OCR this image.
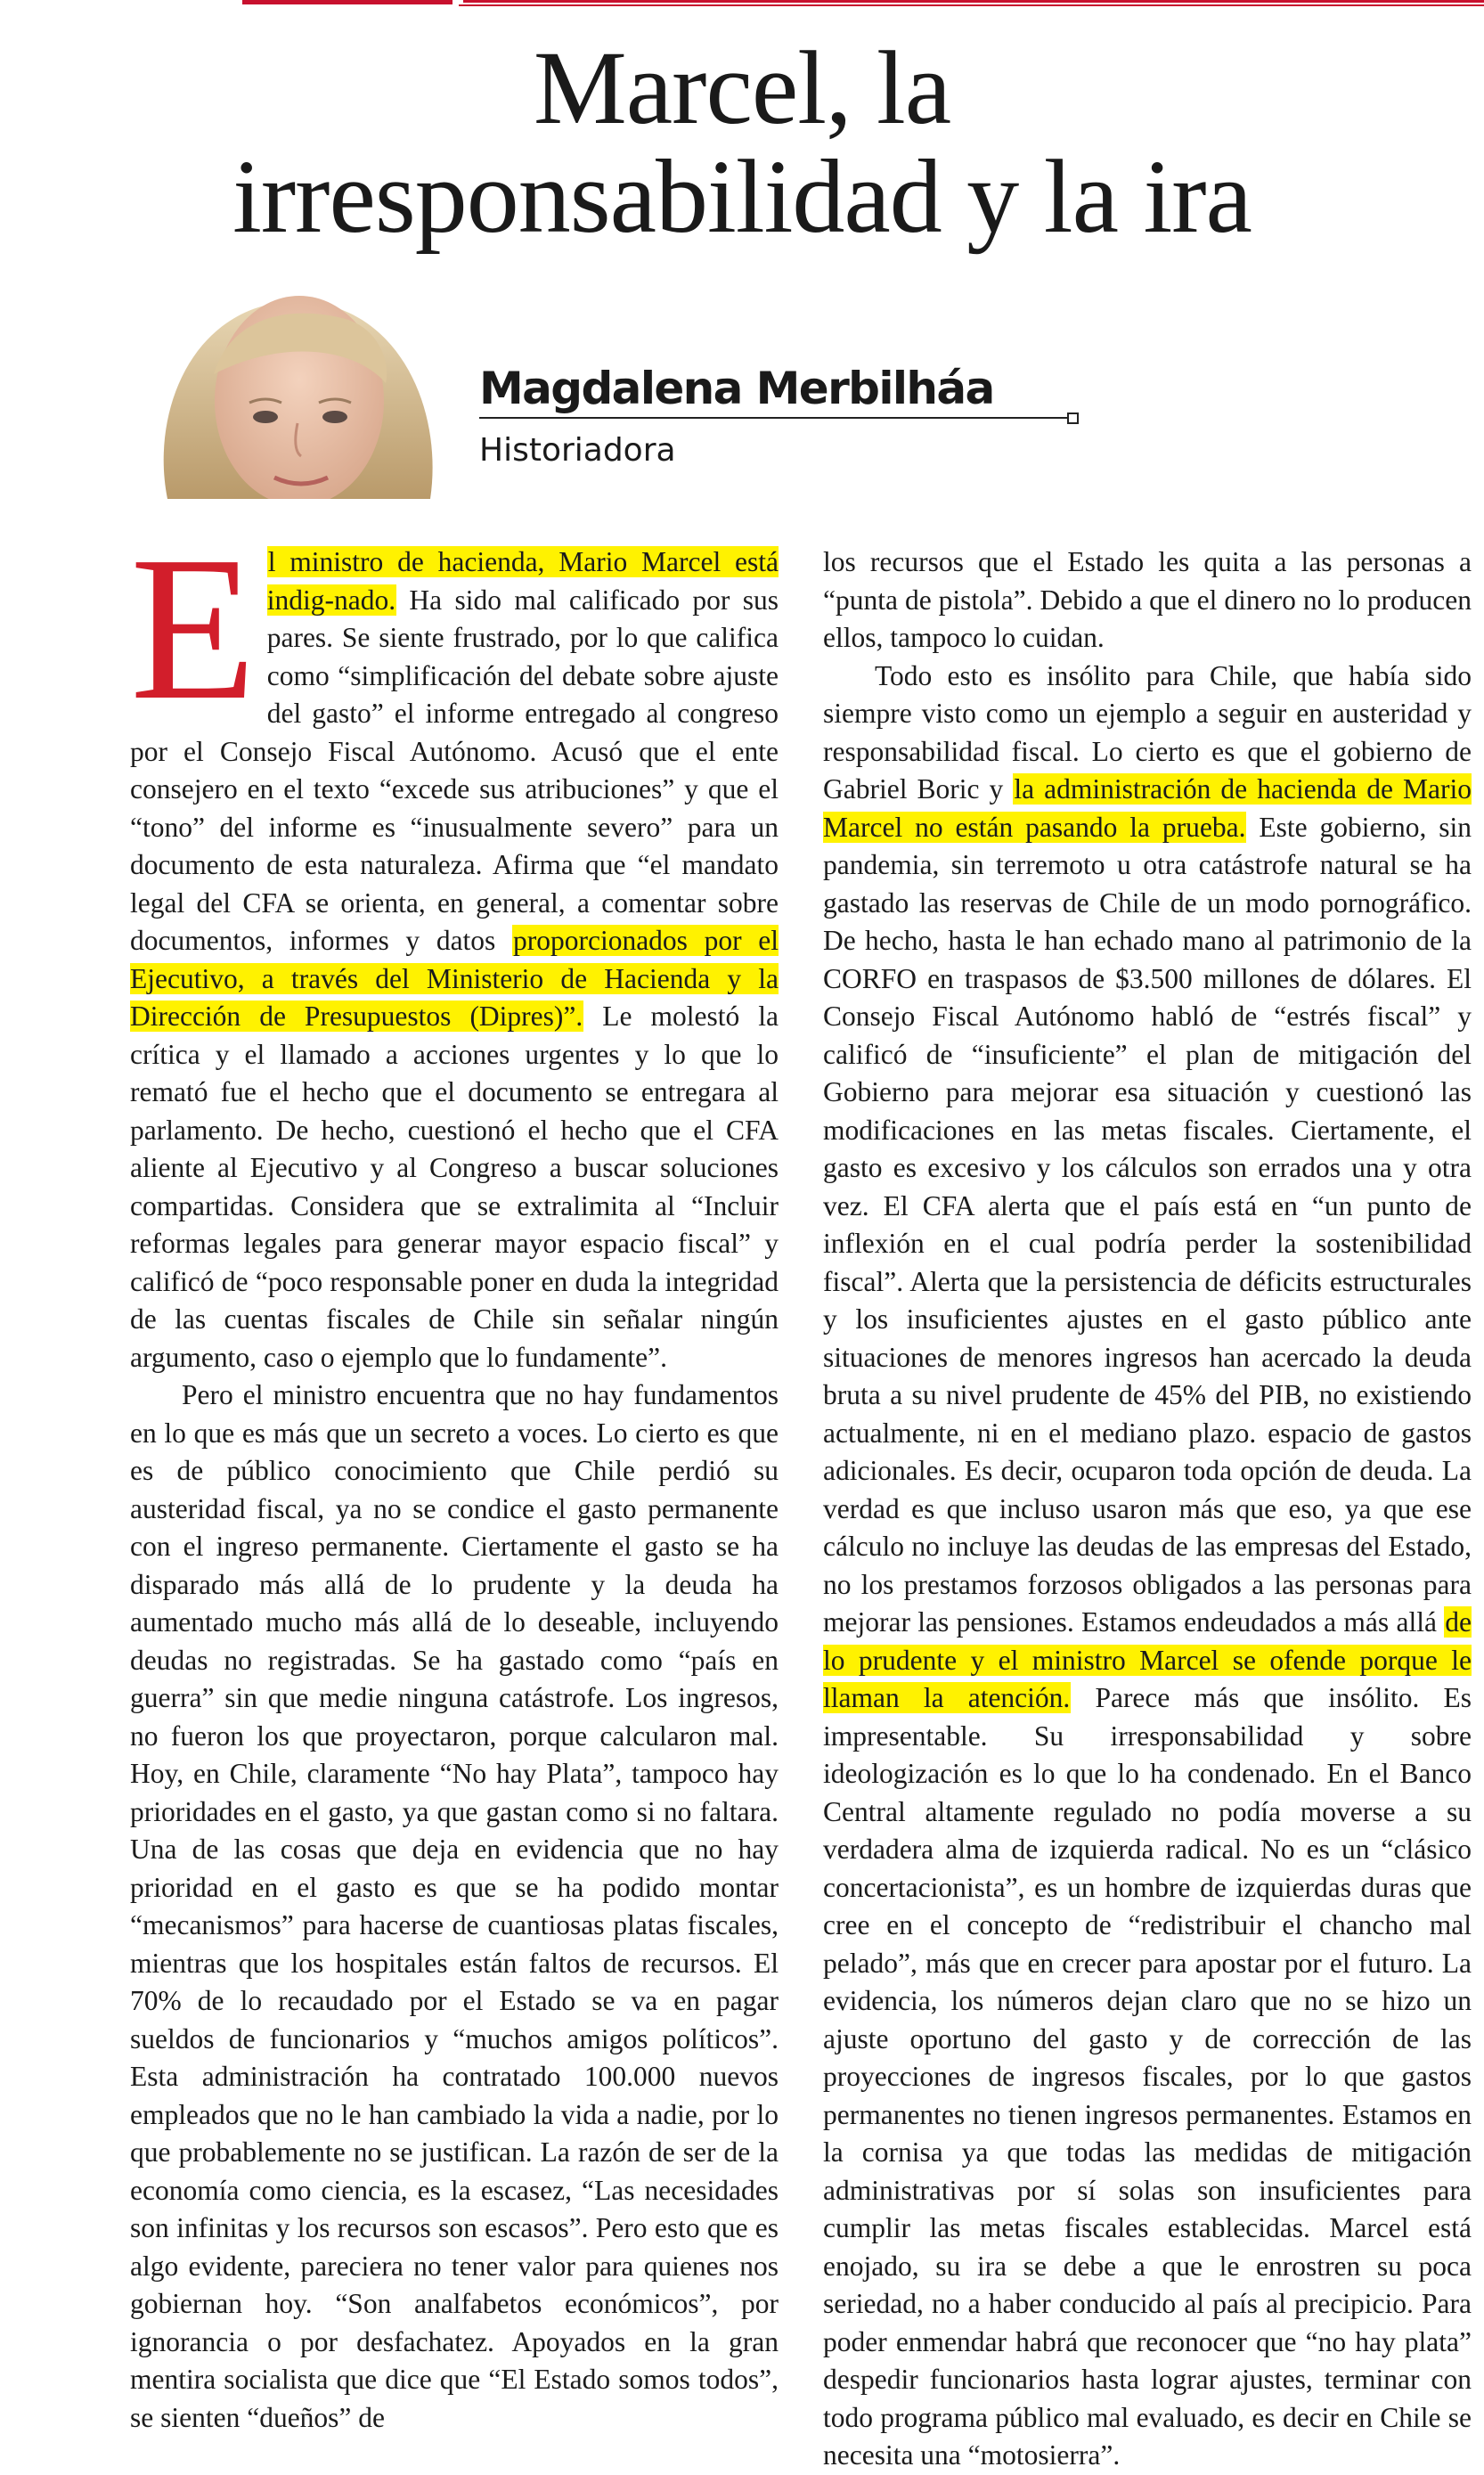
Marcel, la
irresponsabilidad y la ira
Magdalena Merbilháa
Historiadora

E l ministro de hacienda, Mario Marcel está indig-nado. Ha sido mal calificado por sus pares. Se siente frustrado, por lo que califica como “simplificación del debate sobre ajuste del gasto” el informe entregado al congreso por el Consejo Fiscal Autónomo. Acusó que el ente consejero en el texto “excede sus atribuciones” y que el “tono” del informe es “inusualmente severo” para un documento de esta naturaleza. Afirma que “el mandato legal del CFA se orienta, en general, a comentar sobre documentos, informes y datos proporcionados por el Ejecutivo, a través del Ministerio de Hacienda y la Dirección de Presupuestos (Dipres)”. Le molestó la crítica y el llamado a acciones urgentes y lo que lo remató fue el hecho que el documento se entregara al parlamento. De hecho, cuestionó el hecho que el CFA aliente al Ejecutivo y al Congreso a buscar soluciones compartidas. Considera que se extralimita al “Incluir reformas legales para generar mayor espacio fiscal” y calificó de “poco responsable poner en duda la integridad de las cuentas fiscales de Chile sin señalar ningún argumento, caso o ejemplo que lo fundamente”.

Pero el ministro encuentra que no hay fundamentos en lo que es más que un secreto a voces. Lo cierto es que es de público conocimiento que Chile perdió su austeridad fiscal, ya no se condice el gasto permanente con el ingreso permanente. Ciertamente el gasto se ha disparado más allá de lo prudente y la deuda ha aumentado mucho más allá de lo deseable, incluyendo deudas no registradas. Se ha gastado como “país en guerra” sin que medie ninguna catástrofe. Los ingresos, no fueron los que proyectaron, porque calcularon mal. Hoy, en Chile, claramente “No hay Plata”, tampoco hay prioridades en el gasto, ya que gastan como si no faltara. Una de las cosas que deja en evidencia que no hay prioridad en el gasto es que se ha podido montar “mecanismos” para hacerse de cuantiosas platas fiscales, mientras que los hospitales están faltos de recursos. El 70% de lo recaudado por el Estado se va en pagar sueldos de funcionarios y “muchos amigos políticos”. Esta administración ha contratado 100.000 nuevos empleados que no le han cambiado la vida a nadie, por lo que probablemente no se justifican. La razón de ser de la economía como ciencia, es la escasez, “Las necesidades son infinitas y los recursos son escasos”. Pero esto que es algo evidente, pareciera no tener valor para quienes nos gobiernan hoy. “Son analfabetos económicos”, por ignorancia o por desfachatez. Apoyados en la gran mentira socialista que dice que “El Estado somos todos”, se sienten “dueños” de

los recursos que el Estado les quita a las personas a “punta de pistola”. Debido a que el dinero no lo producen ellos, tampoco lo cuidan.

Todo esto es insólito para Chile, que había sido siempre visto como un ejemplo a seguir en austeridad y responsabilidad fiscal. Lo cierto es que el gobierno de Gabriel Boric y la administración de hacienda de Mario Marcel no están pasando la prueba. Este gobierno, sin pandemia, sin terremoto u otra catástrofe natural se ha gastado las reservas de Chile de un modo pornográfico. De hecho, hasta le han echado mano al patrimonio de la CORFO en traspasos de $3.500 millones de dólares. El Consejo Fiscal Autónomo habló de “estrés fiscal” y calificó de “insuficiente” el plan de mitigación del Gobierno para mejorar esa situación y cuestionó las modificaciones en las metas fiscales. Ciertamente, el gasto es excesivo y los cálculos son errados una y otra vez. El CFA alerta que el país está en “un punto de inflexión en el cual podría perder la sostenibilidad fiscal”. Alerta que la persistencia de déficits estructurales y los insuficientes ajustes en el gasto público ante situaciones de menores ingresos han acercado la deuda bruta a su nivel prudente de 45% del PIB, no existiendo actualmente, ni en el mediano plazo. espacio de gastos adicionales. Es decir, ocuparon toda opción de deuda. La verdad es que incluso usaron más que eso, ya que ese cálculo no incluye las deudas de las empresas del Estado, no los prestamos forzosos obligados a las personas para mejorar las pensiones. Estamos endeudados a más allá de lo prudente y el ministro Marcel se ofende porque le llaman la atención. Parece más que insólito. Es impresentable. Su irresponsabilidad y sobre ideologización es lo que lo ha condenado. En el Banco Central altamente regulado no podía moverse a su verdadera alma de izquierda radical. No es un “clásico concertacionista”, es un hombre de izquierdas duras que cree en el concepto de “redistribuir el chancho mal pelado”, más que en crecer para apostar por el futuro. La evidencia, los números dejan claro que no se hizo un ajuste oportuno del gasto y de corrección de las proyecciones de ingresos fiscales, por lo que gastos permanentes no tienen ingresos permanentes. Estamos en la cornisa ya que todas las medidas de mitigación administrativas por sí solas son insuficientes para cumplir las metas fiscales establecidas. Marcel está enojado, su ira se debe a que le enrostren su poca seriedad, no a haber conducido al país al precipicio. Para poder enmendar habrá que reconocer que “no hay plata” despedir funcionarios hasta lograr ajustes, terminar con todo programa público mal evaluado, es decir en Chile se necesita una “motosierra”.
